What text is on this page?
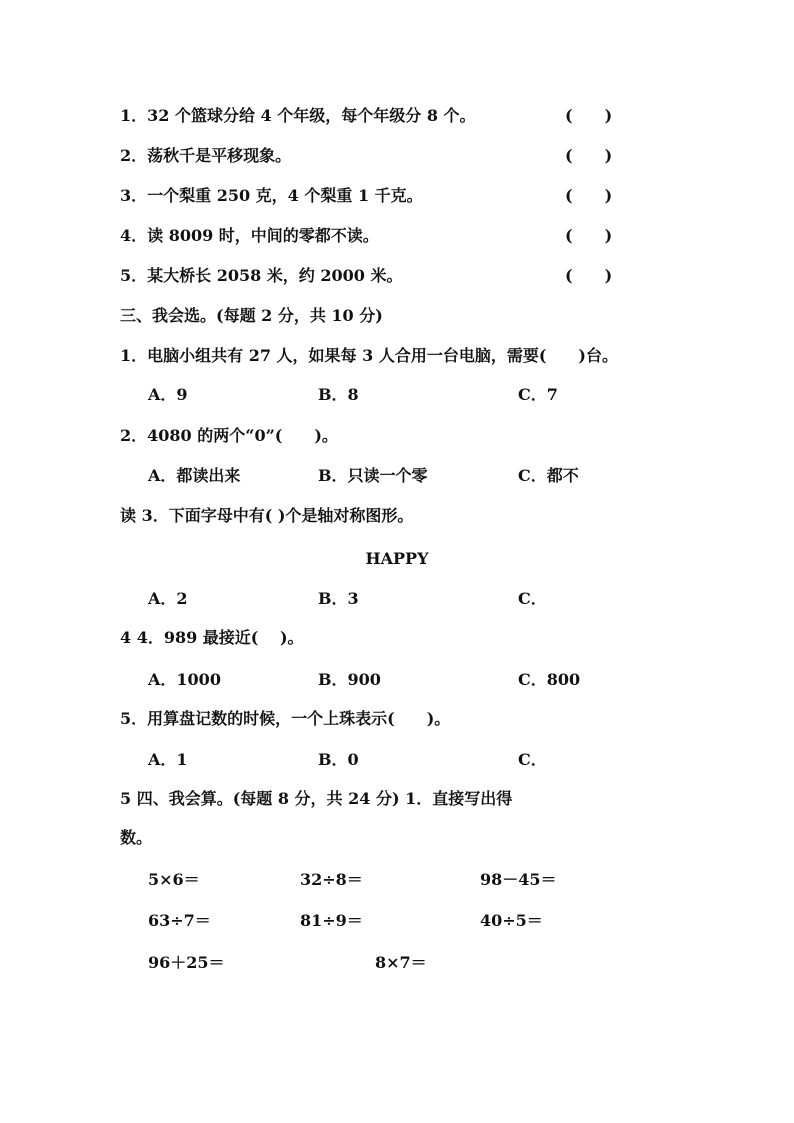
1．32 个篮球分给 4 个年级，每个年级分 8 个。	(　　)
2．荡秋千是平移现象。	(　　)
3．一个梨重 250 克，4 个梨重 1 千克。	(　　)
4．读 8009 时，中间的零都不读。	(　　)
5．某大桥长 2058 米，约 2000 米。	(　　)
三、我会选。(每题 2 分，共 10 分)
1．电脑小组共有 27 人，如果每 3 人合用一台电脑，需要(　　)台。
A．9	B．8	C．7
2．4080 的两个“0”(　　)。
A．都读出来	B．只读一个零	C．都不
读 3．下面字母中有( )个是轴对称图形。
HAPPY
A．2	B．3	C．
4 4．989 最接近(　 )。
A．1000	B．900	C．800
5．用算盘记数的时候，一个上珠表示(　　)。
A．1	B．0	C．
5 四、我会算。(每题 8 分，共 24 分) 1．直接写出得
数。
5×6＝	32÷8＝	98－45＝
63÷7＝	81÷9＝	40÷5＝
96＋25＝	8×7＝
